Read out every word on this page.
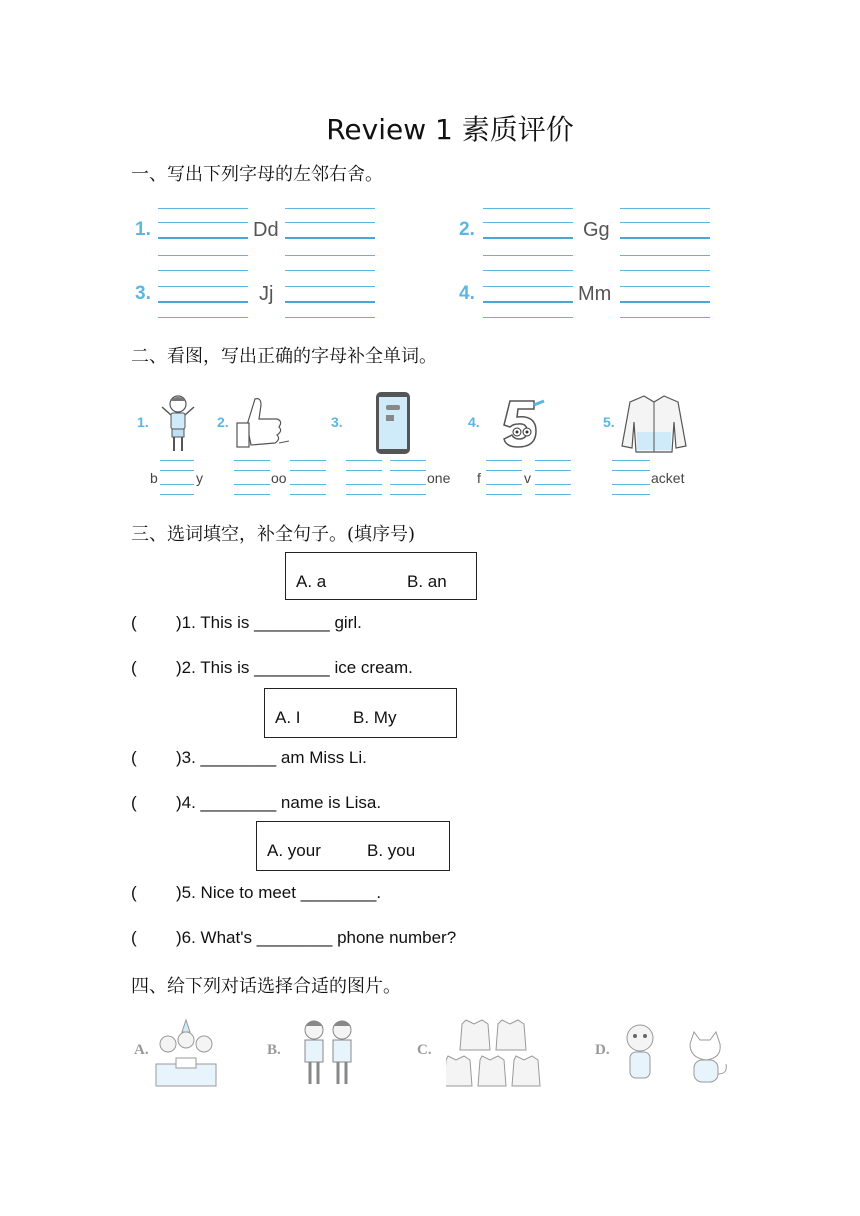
Review 1 素质评价
一、写出下列字母的左邻右舍。
1.	Dd	2.	Gg
3.	Jj	4.	Mm
二、看图，写出正确的字母补全单词。
1.
b	y
2.
oo
3.
one
4.
f	v
5.
acket
三、选词填空，补全句子。(填序号)
A. a	B. an
( )1. This is ________ girl.
( )2. This is ________ ice cream.
A. I	B. My
( )3. ________ am Miss Li.
( )4. ________ name is Lisa.
A. your	B. you
( )5. Nice to meet ________.
( )6. What's ________ phone number?
四、给下列对话选择合适的图片。
A.	B.	C.	D.
